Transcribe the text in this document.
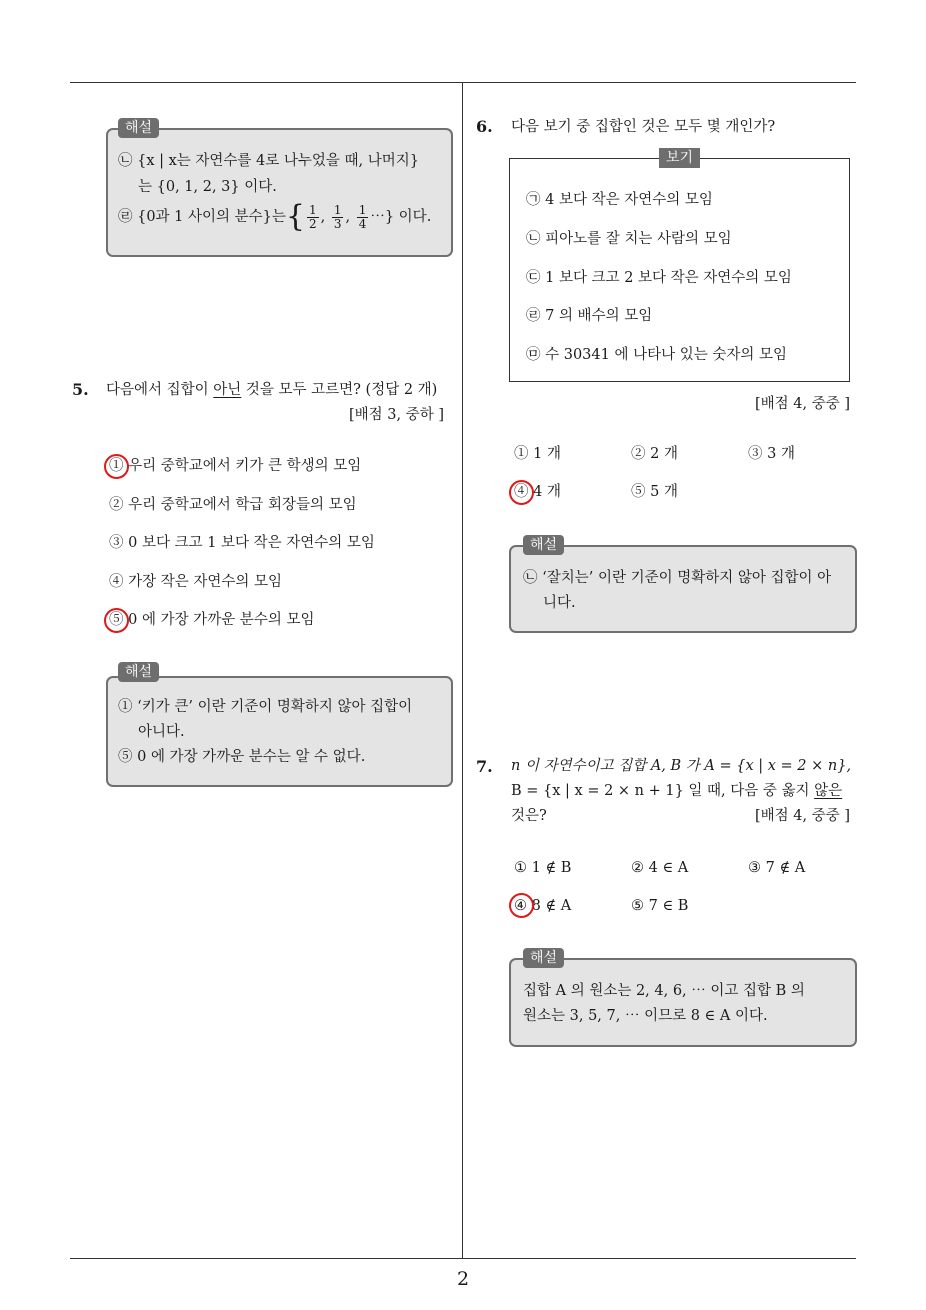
㉡ {x | x는 자연수를 4로 나누었을 때, 나머지}
는 {0, 1, 2, 3} 이다.
㉣ {0과 1 사이의 분수}는{ $\frac{1}{2}$ , $\frac{1}{3}$ , $\frac{1}{4}$ ⋯} 이다.
해설
5. 다음에서 집합이 아닌 것을 모두 고르면? (정답 2 개)
[배점 3, 중하 ]
① 우리 중학교에서 키가 큰 학생의 모임
② 우리 중학교에서 학급 회장들의 모임
③ 0 보다 크고 1 보다 작은 자연수의 모임
④ 가장 작은 자연수의 모임
⑤ 0 에 가장 가까운 분수의 모임
① ‘키가 큰’ 이란 기준이 명확하지 않아 집합이
아니다.
⑤ 0 에 가장 가까운 분수는 알 수 없다.
해설
6. 다음 보기 중 집합인 것은 모두 몇 개인가?
㉠ 4 보다 작은 자연수의 모임
㉡ 피아노를 잘 치는 사람의 모임
㉢ 1 보다 크고 2 보다 작은 자연수의 모임
㉣ 7 의 배수의 모임
㉤ 수 30341 에 나타나 있는 숫자의 모임
보기
[배점 4, 중중 ]
① 1 개	② 2 개	③ 3 개
④ 4 개	⑤ 5 개
㉡ ‘잘치는’ 이란 기준이 명확하지 않아 집합이 아
니다.
해설
7. n 이 자연수이고 집합 A, B 가 A = {x | x = 2 × n},
B = {x | x = 2 × n + 1} 일 때, 다음 중 옳지 않은
것은?	[배점 4, 중중 ]
① 1 ∉ B	② 4 ∈ A	③ 7 ∉ A
④ 8 ∉ A	⑤ 7 ∈ B
집합 A 의 원소는 2, 4, 6, ⋯ 이고 집합 B 의
원소는 3, 5, 7, ⋯ 이므로 8 ∈ A 이다.
해설
2
